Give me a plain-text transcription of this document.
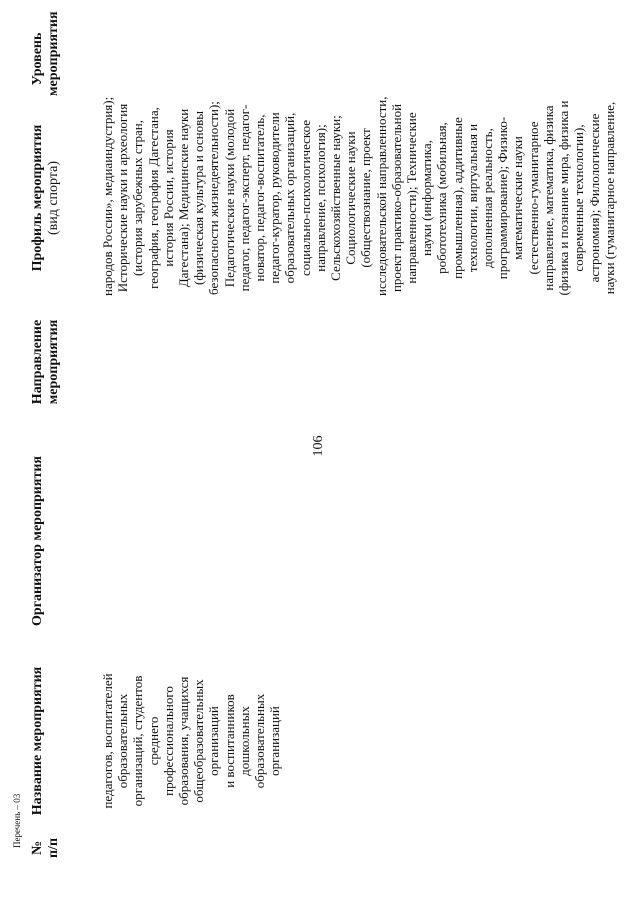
106
Перечень – 03
№ п/п
Название мероприятия
Организатор мероприятия
Направление мероприятия
Профиль мероприятия (вид спорта)
Уровень мероприятия
педагогов, воспитателей образовательных организаций, студентов среднего профессионального образования, учащихся общеобразовательных организаций и воспитанников дошкольных образовательных организаций
народов России», медиаиндустрия); Исторические науки и археология (история зарубежных стран, география, география Дагестана, история России, история Дагестана); Медицинские науки (физическая культура и основы безопасности жизнедеятельности); Педагогические науки (молодой педагог, педагог-эксперт, педагог- новатор, педагог-воспитатель, педагог-куратор, руководители образовательных организаций, социально-психологическое направление, психология); Сельскохозяйственные науки; Социологические науки (обществознание, проект исследовательской направленности, проект практико-образовательной направленности); Технические науки (информатика, робототехника (мобильная, промышленная), аддитивные технологии, виртуальная и дополненная реальность, программирование); Физико- математические науки (естественно-гуманитарное направление, математика, физика (физика и познание мира, физика и современные технологии), астрономия); Филологические науки (гуманитарное направление,
